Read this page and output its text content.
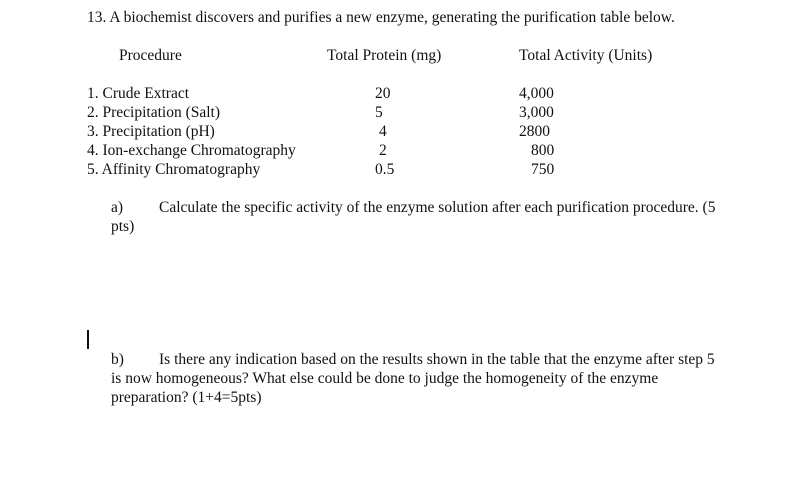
13. A biochemist discovers and purifies a new enzyme, generating the purification table below.
Procedure	Total Protein (mg)	Total Activity (Units)
1. Crude Extract	20	4,000
2. Precipitation (Salt)	5	3,000
3. Precipitation (pH)	4	2800
4. Ion-exchange Chromatography	2	800
5. Affinity Chromatography	0.5	750
a) Calculate the specific activity of the enzyme solution after each purification procedure. (5 pts)
b) Is there any indication based on the results shown in the table that the enzyme after step 5 is now homogeneous? What else could be done to judge the homogeneity of the enzyme preparation? (1+4=5pts)
